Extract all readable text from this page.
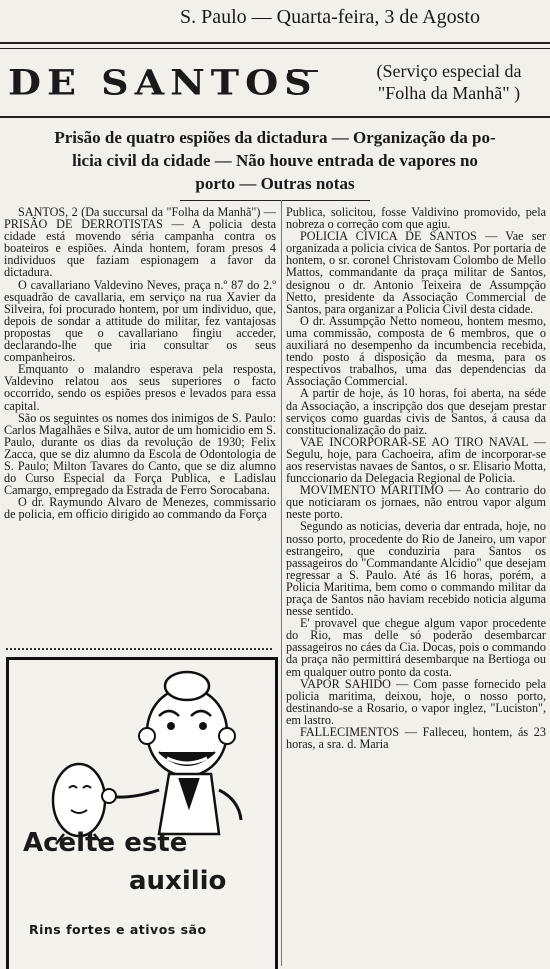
S. Paulo — Quarta-feira, 3 de Agosto
DE SANTOS	(Serviço especial da
"Folha da Manhã" )
Prisão de quatro espiões da dictadura — Organização da po-
licia civil da cidade — Não houve entrada de vapores no
porto — Outras notas

SANTOS, 2 (Da succursal da "Folha da Manhã") — PRISÃO DE DERROTISTAS — A policia desta cidade está movendo séria campanha contra os boateiros e espiões. Ainda hontem, foram presos 4 individuos que faziam espionagem a favor da dictadura.

O cavallariano Valdevino Neves, praça n.º 87 do 2.º esquadrão de cavallaria, em serviço na rua Xavier da Silveira, foi procurado hontem, por um individuo, que, depois de sondar a attitude do militar, fez vantajosas propostas que o cavallariano fingiu acceder, declarando-lhe que iria consultar os seus companheiros.

Emquanto o malandro esperava pela resposta, Valdevino relatou aos seus superiores o facto occorrido, sendo os espiões presos e levados para essa capital.

São os seguintes os nomes dos inimigos de S. Paulo: Carlos Magalhães e Silva, autor de um homicidio em S. Paulo, durante os dias da revolução de 1930; Felix Zacca, que se diz alumno da Escola de Odontologia de S. Paulo; Milton Tavares do Canto, que se diz alumno do Curso Especial da Força Publica, e Ladislau Camargo, empregado da Estrada de Ferro Sorocabana.

O dr. Raymundo Alvaro de Menezes, commissario de policia, em officio dirigido ao commando da Força

Publica, solicitou, fosse Valdivino promovido, pela nobreza o correção com que agiu.

POLICIA CIVICA DE SANTOS — Vae ser organizada a policia civica de Santos. Por portaria de hontem, o sr. coronel Christovam Colombo de Mello Mattos, commandante da praça militar de Santos, designou o dr. Antonio Teixeira de Assumpção Netto, presidente da Associação Commercial de Santos, para organizar a Policia Civil desta cidade.

O dr. Assumpção Netto nomeou, hontem mesmo, uma commissão, composta de 6 membros, que o auxiliará no desempenho da incumbencia recebida, tendo posto á disposição da mesma, para os respectivos trabalhos, uma das dependencias da Associação Commercial.

A partir de hoje, ás 10 horas, foi aberta, na séde da Associação, a inscripção dos que desejam prestar serviços como guardas civis de Santos, á causa da constitucionalização do paiz.

VAE INCORPORAR-SE AO TIRO NAVAL — Segulu, hoje, para Cachoeira, afim de incorporar-se aos reservistas navaes de Santos, o sr. Elisario Motta, funccionario da Delegacia Regional de Policia.

MOVIMENTO MARITIMO — Ao contrario do que noticiaram os jornaes, não entrou vapor algum neste porto.

Segundo as noticias, deveria dar entrada, hoje, no nosso porto, procedente do Rio de Janeiro, um vapor estrangeiro, que conduziria para Santos os passageiros do "Commandante Alcidio" que desejam regressar a S. Paulo. Até ás 16 horas, porém, a Policia Maritima, bem como o commando militar da praça de Santos não haviam recebido noticia alguma nesse sentido.

E' provavel que chegue algum vapor procedente do Rio, mas delle só poderão desembarcar passageiros no cáes da Cia. Docas, pois o commando da praça não permittirá desembarque na Bertioga ou em qualquer outro ponto da costa.

VAPOR SAHIDO — Com passe fornecido pela policia maritima, deixou, hoje, o nosso porto, destinando-se a Rosario, o vapor inglez, "Luciston", em lastro.

FALLECIMENTOS — Falleceu, hontem, ás 23 horas, a sra. d. Maria

Aceite este
auxilio
Rins fortes e ativos são
